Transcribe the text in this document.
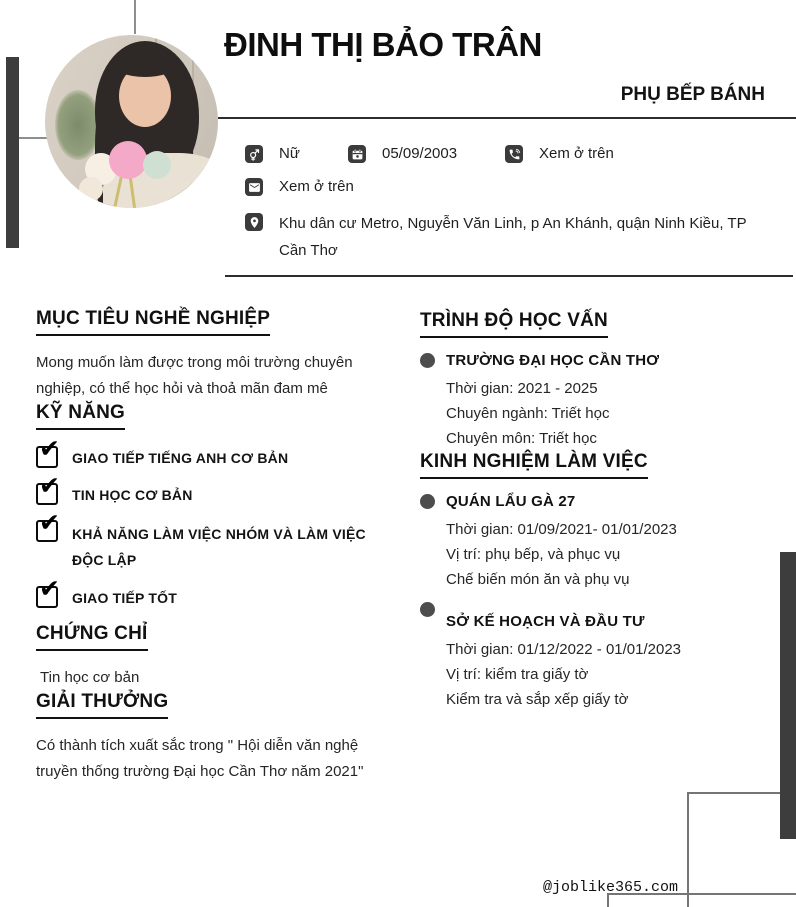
ĐINH THỊ BẢO TRÂN
PHỤ BẾP BÁNH
Nữ	05/09/2003	Xem ở trên
Xem ở trên
Khu dân cư Metro, Nguyễn Văn Linh, p An Khánh, quận Ninh Kiều, TP Cần Thơ
MỤC TIÊU NGHỀ NGHIỆP

Mong muốn làm được trong môi trường chuyên nghiệp, có thể học hỏi và thoả mãn đam mê

KỸ NĂNG
✔ GIAO TIẾP TIẾNG ANH CƠ BẢN
✔ TIN HỌC CƠ BẢN
✔ KHẢ NĂNG LÀM VIỆC NHÓM VÀ LÀM VIỆC ĐỘC LẬP
✔ GIAO TIẾP TỐT
CHỨNG CHỈ

Tin học cơ bản

GIẢI THƯỞNG

Có thành tích xuất sắc trong " Hội diễn văn nghệ truyền thống trường Đại học Cần Thơ năm 2021"

TRÌNH ĐỘ HỌC VẤN
TRƯỜNG ĐẠI HỌC CẦN THƠ

Thời gian: 2021 - 2025

Chuyên ngành: Triết học

Chuyên môn: Triết học

KINH NGHIỆM LÀM VIỆC
QUÁN LẨU GÀ 27

Thời gian: 01/09/2021- 01/01/2023

Vị trí: phụ bếp, và phục vụ

Chế biến món ăn và phụ vụ

SỞ KẾ HOẠCH VÀ ĐẦU TƯ

Thời gian: 01/12/2022 - 01/01/2023

Vị trí: kiểm tra giấy tờ

Kiểm tra và sắp xếp giấy tờ

@joblike365.com
